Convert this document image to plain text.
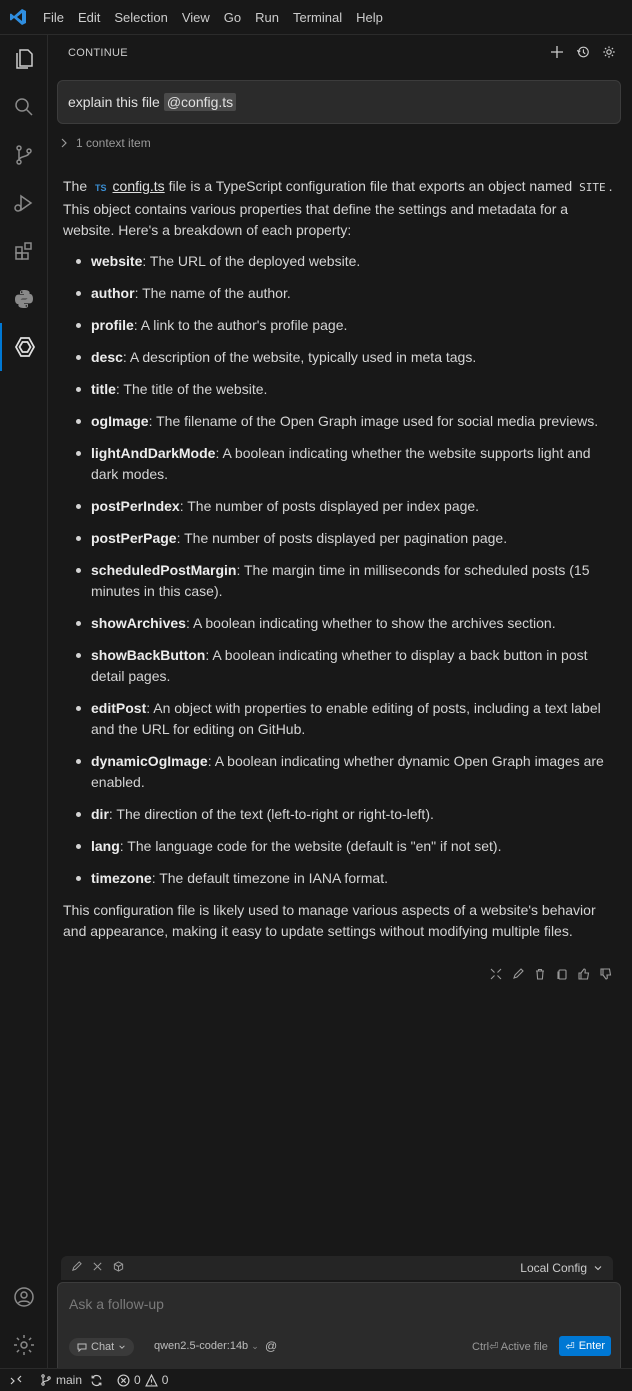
File	Edit	Selection	View	Go	Run	Terminal	Help
CONTINUE
explain this file @config.ts
1 context item

The TS config.ts file is a TypeScript configuration file that exports an object named SITE . This object contains various properties that define the settings and metadata for a website. Here's a breakdown of each property:

website: The URL of the deployed website.
author: The name of the author.
profile: A link to the author's profile page.
desc: A description of the website, typically used in meta tags.
title: The title of the website.
ogImage: The filename of the Open Graph image used for social media previews.
lightAndDarkMode: A boolean indicating whether the website supports light and dark modes.
postPerIndex: The number of posts displayed per index page.
postPerPage: The number of posts displayed per pagination page.
scheduledPostMargin: The margin time in milliseconds for scheduled posts (15 minutes in this case).
showArchives: A boolean indicating whether to show the archives section.
showBackButton: A boolean indicating whether to display a back button in post detail pages.
editPost: An object with properties to enable editing of posts, including a text label and the URL for editing on GitHub.
dynamicOgImage: A boolean indicating whether dynamic Open Graph images are enabled.
dir: The direction of the text (left-to-right or right-to-left).
lang: The language code for the website (default is "en" if not set).
timezone: The default timezone in IANA format.

This configuration file is likely used to manage various aspects of a website's behavior and appearance, making it easy to update settings without modifying multiple files.

Local Config
Ask a follow-up
Chat	qwen2.5-coder:14b ⌄ @	Ctrl⏎ Active file ⏎ Enter
main	0 0
